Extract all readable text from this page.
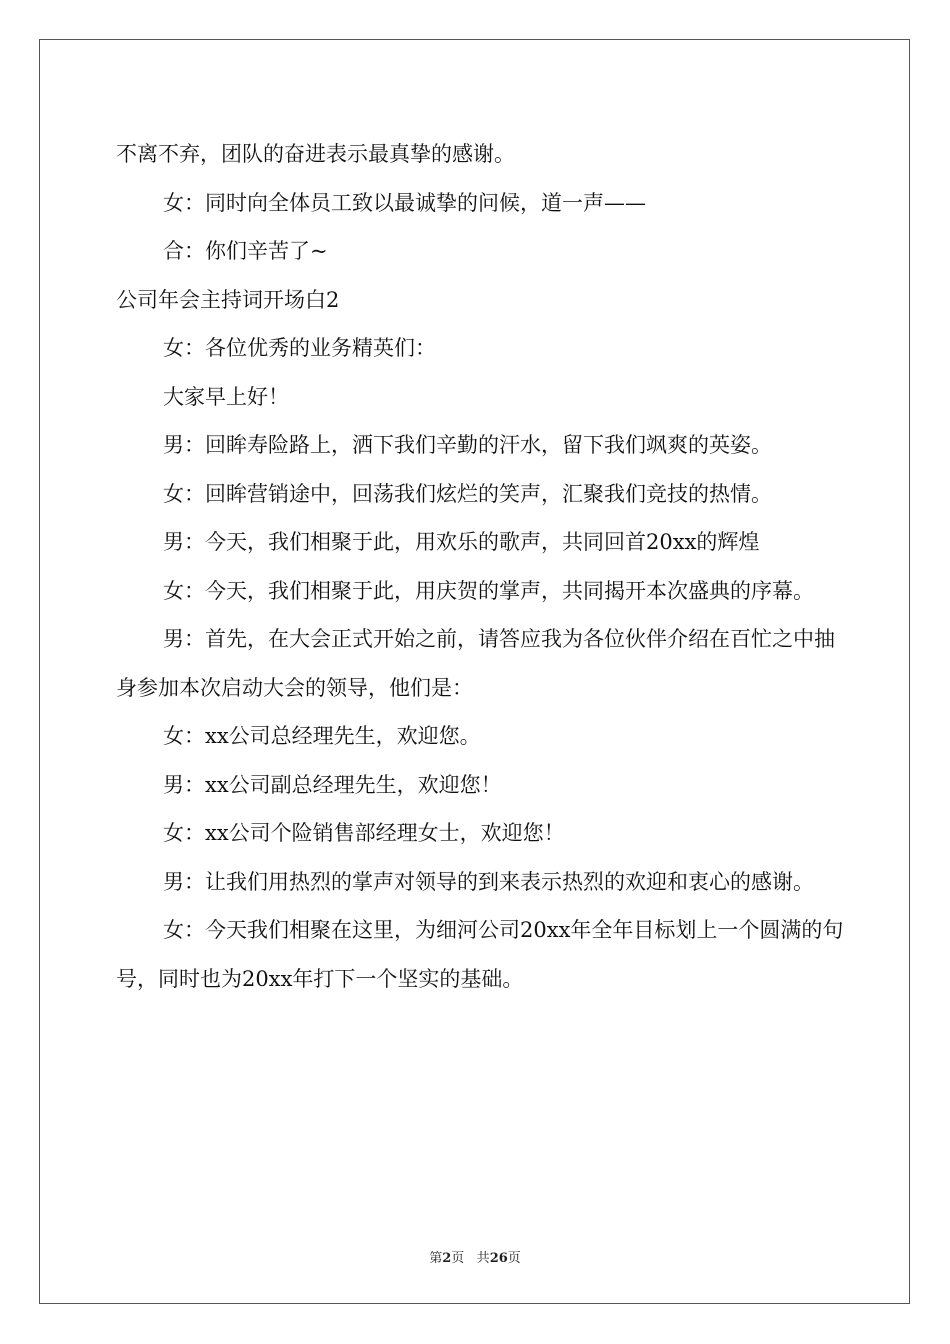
不离不弃，团队的奋进表示最真挚的感谢。

女：同时向全体员工致以最诚挚的问候，道一声——

合：你们辛苦了~

公司年会主持词开场白2

女：各位优秀的业务精英们：

大家早上好！

男：回眸寿险路上，洒下我们辛勤的汗水，留下我们飒爽的英姿。

女：回眸营销途中，回荡我们炫烂的笑声，汇聚我们竞技的热情。

男：今天，我们相聚于此，用欢乐的歌声，共同回首20xx的辉煌

女：今天，我们相聚于此，用庆贺的掌声，共同揭开本次盛典的序幕。

男：首先，在大会正式开始之前，请答应我为各位伙伴介绍在百忙之中抽身参加本次启动大会的领导，他们是：

女：xx公司总经理先生，欢迎您。

男：xx公司副总经理先生，欢迎您！

女：xx公司个险销售部经理女士，欢迎您！

男：让我们用热烈的掌声对领导的到来表示热烈的欢迎和衷心的感谢。

女：今天我们相聚在这里，为细河公司20xx年全年目标划上一个圆满的句号，同时也为20xx年打下一个坚实的基础。

第2页 共26页
